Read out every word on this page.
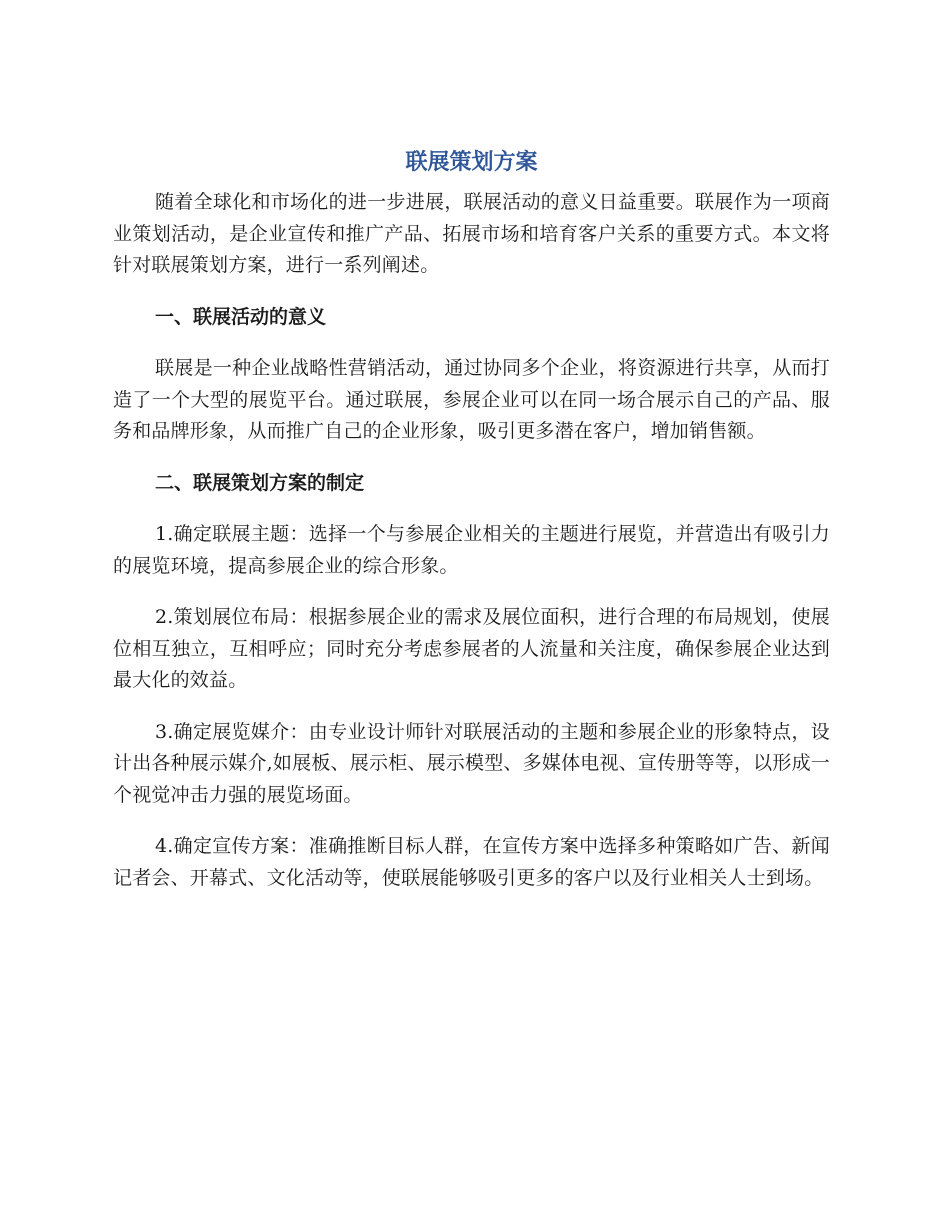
联展策划方案

随着全球化和市场化的进一步进展，联展活动的意义日益重要。联展作为一项商业策划活动，是企业宣传和推广产品、拓展市场和培育客户关系的重要方式。本文将针对联展策划方案，进行一系列阐述。

一、联展活动的意义

联展是一种企业战略性营销活动，通过协同多个企业，将资源进行共享，从而打造了一个大型的展览平台。通过联展，参展企业可以在同一场合展示自己的产品、服务和品牌形象，从而推广自己的企业形象，吸引更多潜在客户，增加销售额。

二、联展策划方案的制定

1.确定联展主题：选择一个与参展企业相关的主题进行展览，并营造出有吸引力的展览环境，提高参展企业的综合形象。

2.策划展位布局：根据参展企业的需求及展位面积，进行合理的布局规划，使展位相互独立，互相呼应；同时充分考虑参展者的人流量和关注度，确保参展企业达到最大化的效益。

3.确定展览媒介：由专业设计师针对联展活动的主题和参展企业的形象特点，设计出各种展示媒介,如展板、展示柜、展示模型、多媒体电视、宣传册等等，以形成一个视觉冲击力强的展览场面。

4.确定宣传方案：准确推断目标人群，在宣传方案中选择多种策略如广告、新闻记者会、开幕式、文化活动等，使联展能够吸引更多的客户以及行业相关人士到场。
